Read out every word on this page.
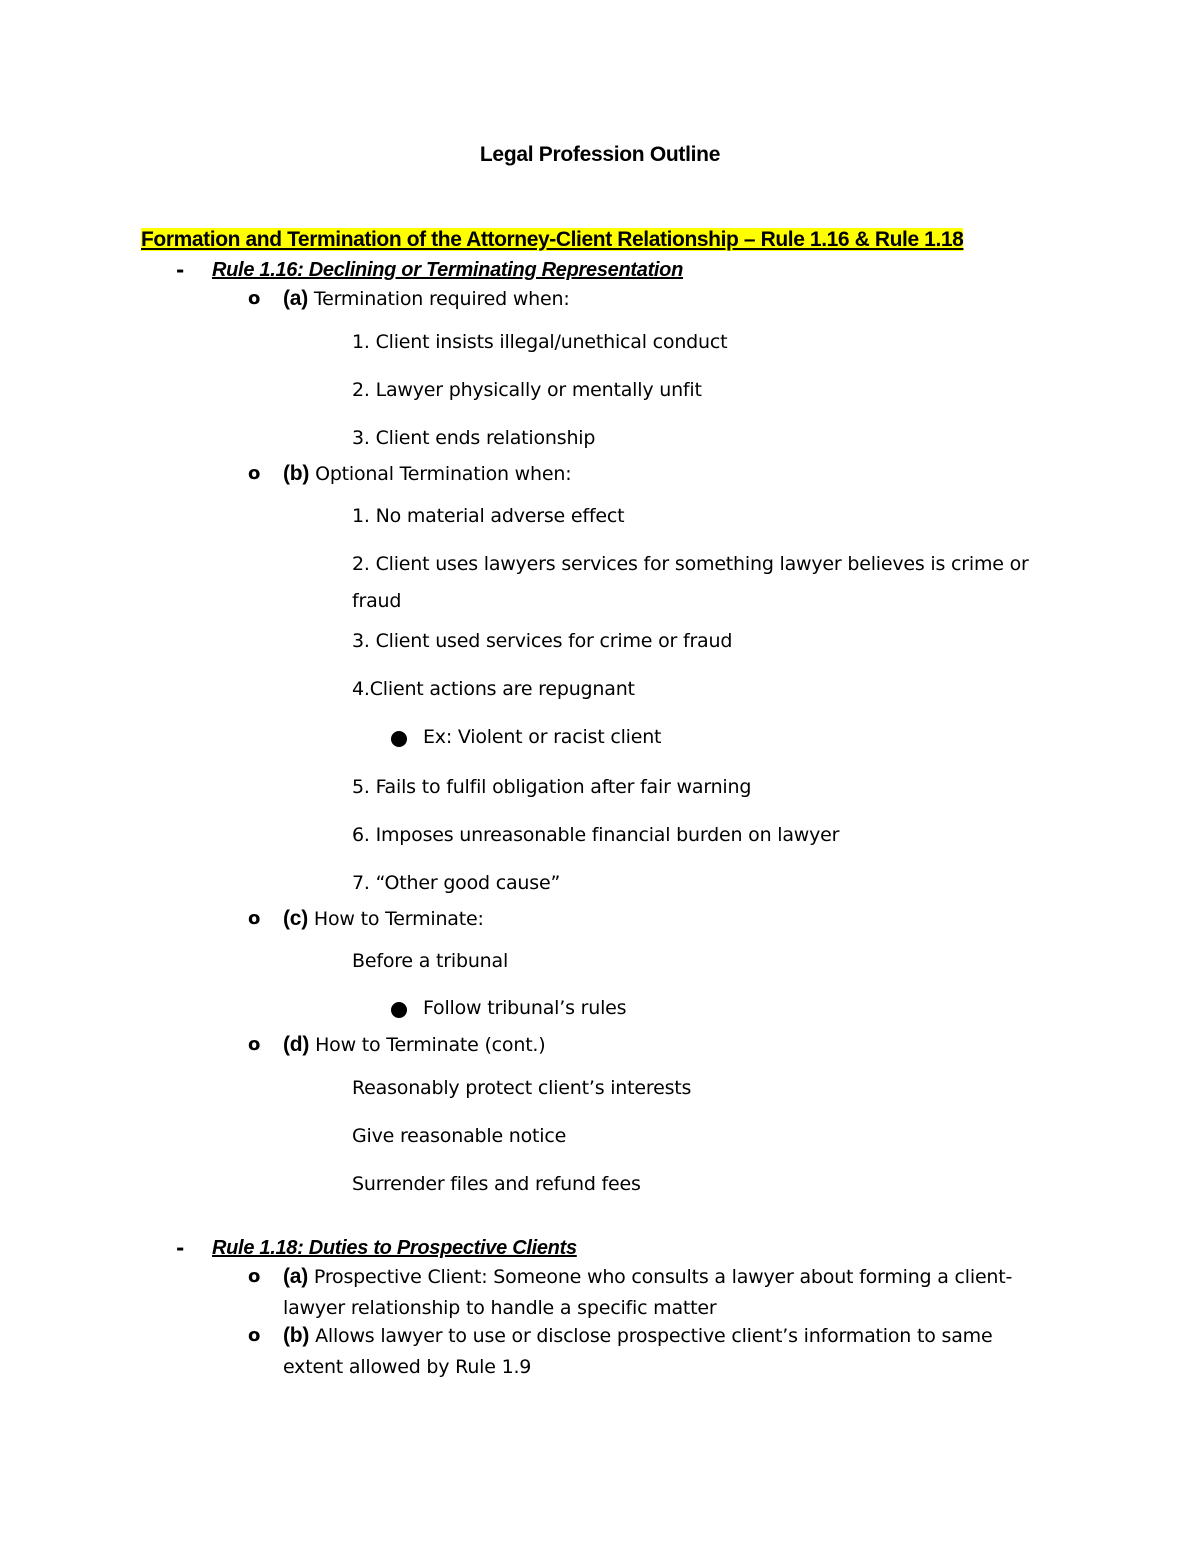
Legal Profession Outline
Formation and Termination of the Attorney-Client Relationship – Rule 1.16 & Rule 1.18
- Rule 1.16: Declining or Terminating Representation
o (a) Termination required when:
1. Client insists illegal/unethical conduct
2. Lawyer physically or mentally unfit
3. Client ends relationship
o (b) Optional Termination when:
1. No material adverse effect
2. Client uses lawyers services for something lawyer believes is crime or
fraud
3. Client used services for crime or fraud
4.Client actions are repugnant
Ex: Violent or racist client
5. Fails to fulfil obligation after fair warning
6. Imposes unreasonable financial burden on lawyer
7. “Other good cause”
o (c) How to Terminate:
Before a tribunal
Follow tribunal’s rules
o (d) How to Terminate (cont.)
Reasonably protect client’s interests
Give reasonable notice
Surrender files and refund fees
- Rule 1.18: Duties to Prospective Clients
o (a) Prospective Client: Someone who consults a lawyer about forming a client-
lawyer relationship to handle a specific matter
o (b) Allows lawyer to use or disclose prospective client’s information to same
extent allowed by Rule 1.9
